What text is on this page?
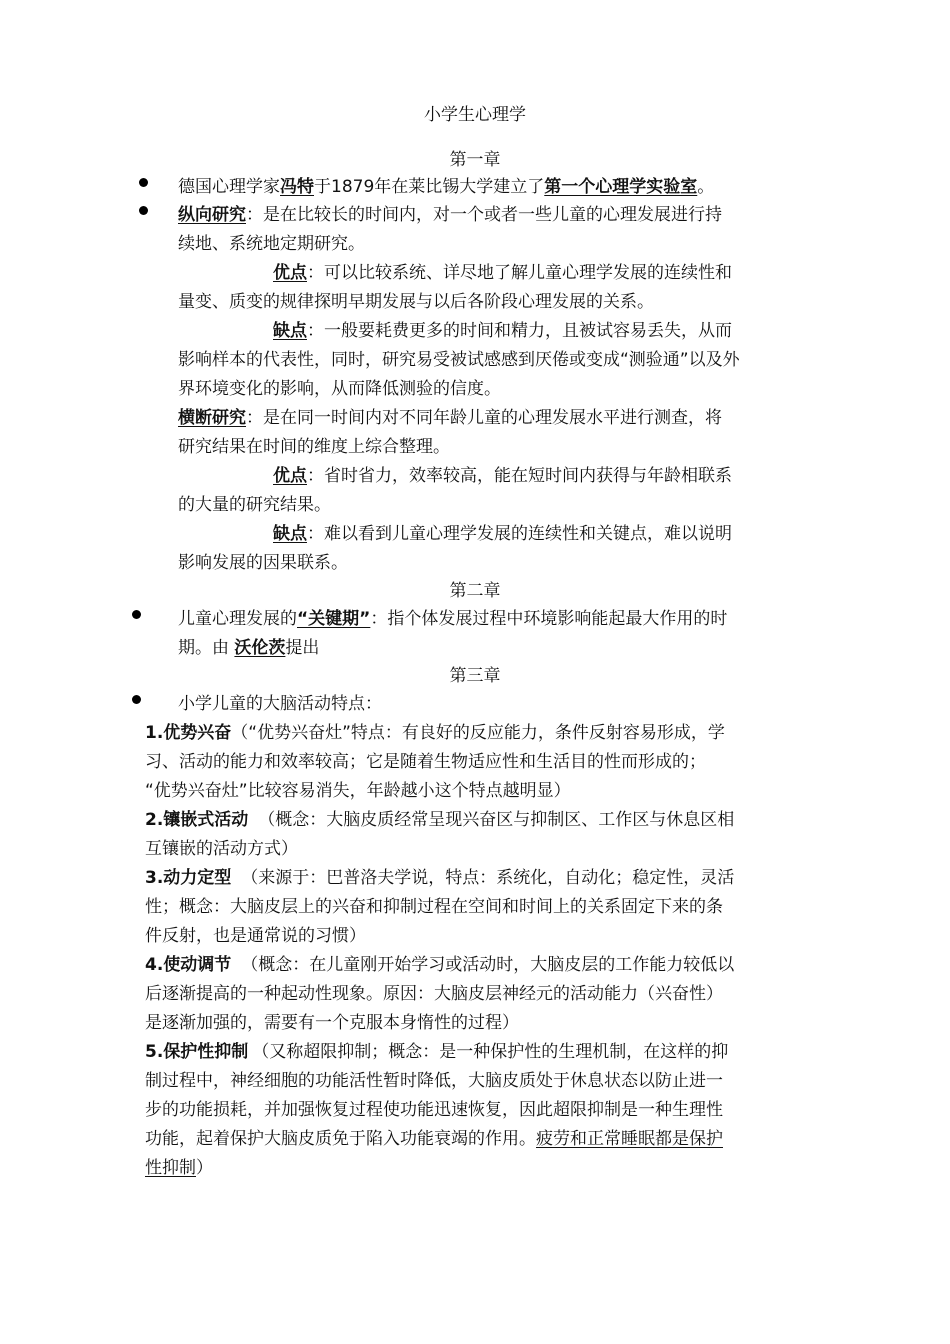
小学生心理学
第一章
德国心理学家冯特于1879年在莱比锡大学建立了第一个心理学实验室。
纵向研究：是在比较长的时间内，对一个或者一些儿童的心理发展进行持
续地、系统地定期研究。
优点：可以比较系统、详尽地了解儿童心理学发展的连续性和
量变、质变的规律探明早期发展与以后各阶段心理发展的关系。
缺点：一般要耗费更多的时间和精力，且被试容易丢失，从而
影响样本的代表性，同时，研究易受被试感感到厌倦或变成“测验通”以及外
界环境变化的影响，从而降低测验的信度。
横断研究：是在同一时间内对不同年龄儿童的心理发展水平进行测查，将
研究结果在时间的维度上综合整理。
优点：省时省力，效率较高，能在短时间内获得与年龄相联系
的大量的研究结果。
缺点：难以看到儿童心理学发展的连续性和关键点，难以说明
影响发展的因果联系。
第二章
儿童心理发展的“关键期”：指个体发展过程中环境影响能起最大作用的时
期。由 沃伦茨提出
第三章
小学儿童的大脑活动特点：
1.优势兴奋（“优势兴奋灶”特点：有良好的反应能力，条件反射容易形成，学
习、活动的能力和效率较高；它是随着生物适应性和生活目的性而形成的；
“优势兴奋灶”比较容易消失，年龄越小这个特点越明显）
2.镶嵌式活动 （概念：大脑皮质经常呈现兴奋区与抑制区、工作区与休息区相
互镶嵌的活动方式）
3.动力定型 （来源于：巴普洛夫学说，特点：系统化，自动化；稳定性，灵活
性；概念：大脑皮层上的兴奋和抑制过程在空间和时间上的关系固定下来的条
件反射，也是通常说的习惯）
4.使动调节 （概念：在儿童刚开始学习或活动时，大脑皮层的工作能力较低以
后逐渐提高的一种起动性现象。原因：大脑皮层神经元的活动能力（兴奋性）
是逐渐加强的，需要有一个克服本身惰性的过程）
5.保护性抑制 （又称超限抑制；概念：是一种保护性的生理机制，在这样的抑
制过程中，神经细胞的功能活性暂时降低，大脑皮质处于休息状态以防止进一
步的功能损耗，并加强恢复过程使功能迅速恢复，因此超限抑制是一种生理性
功能，起着保护大脑皮质免于陷入功能衰竭的作用。疲劳和正常睡眠都是保护
性抑制）
